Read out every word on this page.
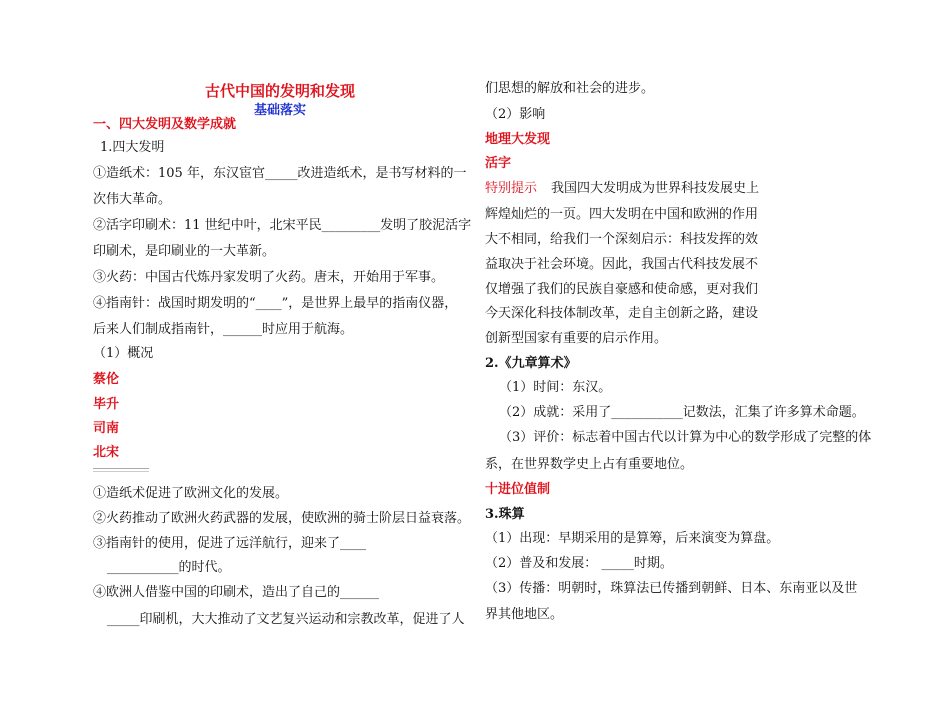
古代中国的发明和发现
基础落实
一、四大发明及数学成就
1.四大发明
①造纸术：105 年，东汉宦官_____改进造纸术，是书写材料的一
次伟大革命。
②活字印刷术：11 世纪中叶，北宋平民_________发明了胶泥活字
印刷术，是印刷业的一大革新。
③火药：中国古代炼丹家发明了火药。唐末，开始用于军事。
④指南针：战国时期发明的“____”，是世界上最早的指南仪器，
后来人们制成指南针，______时应用于航海。
（1）概况
蔡伦
毕升
司南
北宋
①造纸术促进了欧洲文化的发展。
②火药推动了欧洲火药武器的发展，使欧洲的骑士阶层日益衰落。
③指南针的使用，促进了远洋航行，迎来了____
___________的时代。
④欧洲人借鉴中国的印刷术，造出了自己的______
_____印刷机，大大推动了文艺复兴运动和宗教改革，促进了人
们思想的解放和社会的进步。
（2）影响
地理大发现
活字
特别提示 我国四大发明成为世界科技发展史上
辉煌灿烂的一页。四大发明在中国和欧洲的作用
大不相同，给我们一个深刻启示：科技发挥的效
益取决于社会环境。因此，我国古代科技发展不
仅增强了我们的民族自豪感和使命感，更对我们
今天深化科技体制改革，走自主创新之路，建设
创新型国家有重要的启示作用。
2.《九章算术》
（1）时间：东汉。
（2）成就：采用了___________记数法，汇集了许多算术命题。
（3）评价：标志着中国古代以计算为中心的数学形成了完整的体
系，在世界数学史上占有重要地位。
十进位值制
3.珠算
（1）出现：早期采用的是算筹，后来演变为算盘。
（2）普及和发展： _____时期。
（3）传播：明朝时，珠算法已传播到朝鲜、日本、东南亚以及世
界其他地区。
